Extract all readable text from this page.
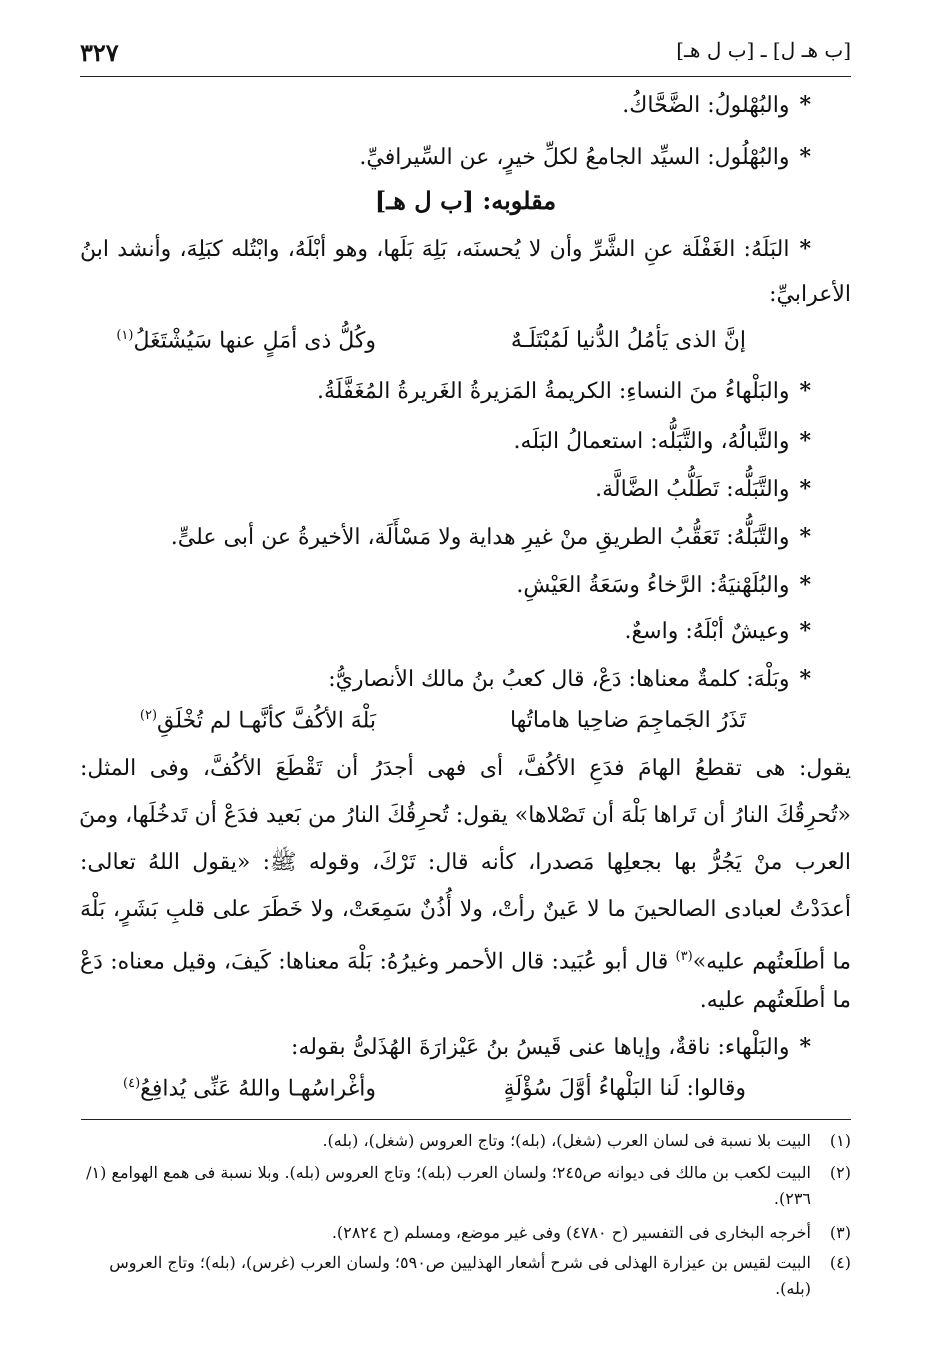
[ب هـ ل] ـ [ب ل هـ]
٣٢٧
*والبُهْلولُ: الضَّحَّاكُ.
*والبُهْلُول: السيِّد الجامعُ لكلِّ خيرٍ، عن السِّيرافيِّ.
مقلوبه: [ب ل هـ]
*البَلَهُ: الغَفْلَة عنِ الشَّرِّ وأن لا يُحسنَه، بَلِهَ بَلَها، وهو أبْلَهُ، وابْتُله كبَلِهَ، وأنشد ابنُ
الأعرابيِّ:
إنَّ الذى يَأمُلُ الدُّنيا لَمُبْتَلَـهٌ
وكُلُّ ذى أمَلٍ عنها سَيُشْتَغَلُ$^{(١)}$
*والبَلْهاءُ منَ النساءِ: الكريمةُ المَزيرةُ الغَريرةُ المُغَفَّلَةُ.
*والتَّبالُهُ، والتَّبَلُّه: استعمالُ البَلَه.
*والتَّبَلُّه: تَطَلُّبُ الضَّالَّة.
*والتَّبَلُّهُ: تَعَقُّبُ الطريقِ منْ غيرِ هداية ولا مَسْأَلَة، الأخيرةُ عن أبى علىٍّ.
*والبُلَهْنيَةُ: الرَّخاءُ وسَعَةُ العَيْشِ.
*وعيشٌ أبْلَهُ: واسعٌ.
*وبَلْهَ: كلمةٌ معناها: دَعْ، قال كعبُ بنُ مالك الأنصاريُّ:
تَذَرُ الجَماجِمَ ضاحِيا هاماتُها
بَلْهَ الأكُفَّ كأنَّهـا لم تُخْلَقِ$^{(٢)}$
يقول: هى تقطعُ الهامَ فدَعِ الأكُفَّ، أى فهى أجدَرُ أن تَقْطَعَ الأكُفَّ، وفى المثل:
«تُحرِقُكَ النارُ أن تَراها بَلْهَ أن تَصْلاها» يقول: تُحرِقُكَ النارُ من بَعيد فدَعْ أن تَدخُلَها، ومنَ
العرب منْ يَجُرُّ بها بجعلِها مَصدرا، كأنه قال: تَرْكَ، وقوله ﷺ: «يقول اللهُ تعالى:
أعدَدْتُ لعبادى الصالحينَ ما لا عَينٌ رأتْ، ولا أُذُنٌ سَمِعَتْ، ولا خَطَرَ على قلبِ بَشَرٍ، بَلْهَ
ما أطلَعتُهم عليه»$^{(٣)}$ قال أبو عُبَيد: قال الأحمر وغيرُهُ: بَلْهَ معناها: كَيفَ، وقيل معناه: دَعْ
ما أطلَعتُهم عليه.
*والبَلْهاء: ناقةٌ، وإياها عنى قَيسُ بنُ عَيْزارَةَ الهُذَلىُّ بقوله:
وقالوا: لَنا البَلْهاءُ أوَّلَ سُؤْلَةٍ
وأغْراسُهـا واللهُ عَنِّى يُدافِعُ$^{(٤)}$
(١)
البيت بلا نسبة فى لسان العرب (شغل)، (بله)؛ وتاج العروس (شغل)، (بله).
(٢)
البيت لكعب بن مالك فى ديوانه ص٢٤٥؛ ولسان العرب (بله)؛ وتاج العروس (بله). وبلا نسبة فى همع الهوامع (١/ ٢٣٦).
(٣)
أخرجه البخارى فى التفسير (ح ٤٧٨٠) وفى غير موضع، ومسلم (ح ٢٨٢٤).
(٤)
البيت لقيس بن عيزارة الهذلى فى شرح أشعار الهذليين ص٥٩٠؛ ولسان العرب (غرس)، (بله)؛ وتاج العروس (بله).
